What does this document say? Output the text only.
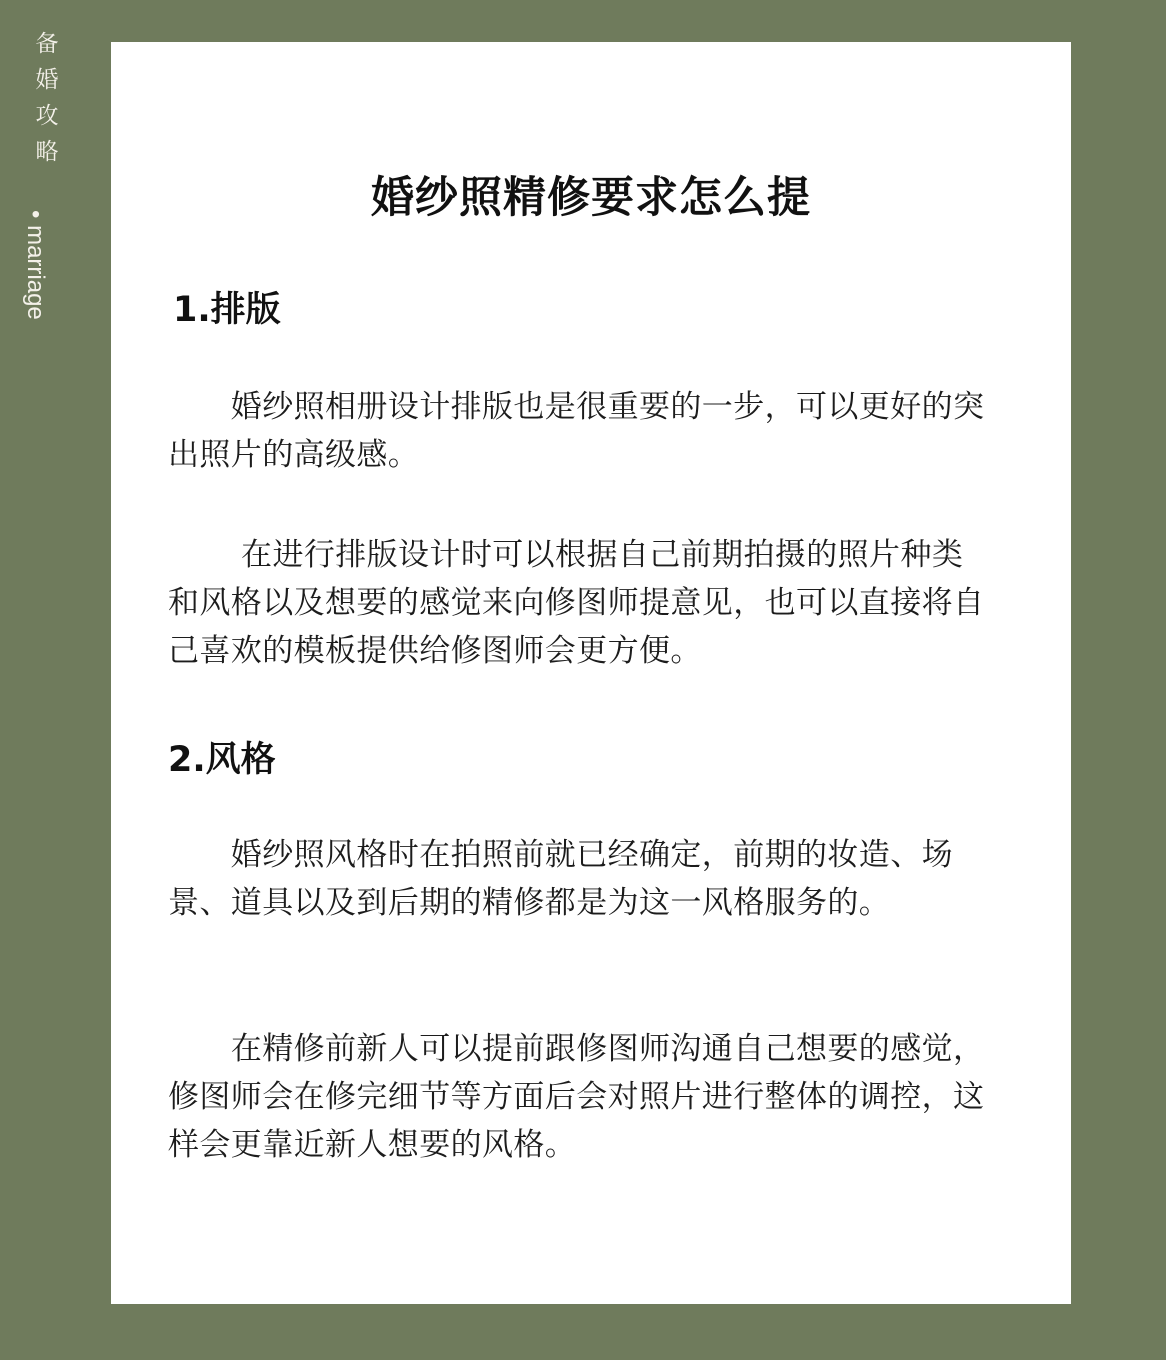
备
婚
攻
略
• marriage
婚纱照精修要求怎么提
1.排版
　　婚纱照相册设计排版也是很重要的一步，可以更好的突出照片的高级感。
　　 在进行排版设计时可以根据自己前期拍摄的照片种类和风格以及想要的感觉来向修图师提意见，也可以直接将自己喜欢的模板提供给修图师会更方便。
2.风格
　　婚纱照风格时在拍照前就已经确定，前期的妆造、场景、道具以及到后期的精修都是为这一风格服务的。
　　在精修前新人可以提前跟修图师沟通自己想要的感觉，修图师会在修完细节等方面后会对照片进行整体的调控，这样会更靠近新人想要的风格。
